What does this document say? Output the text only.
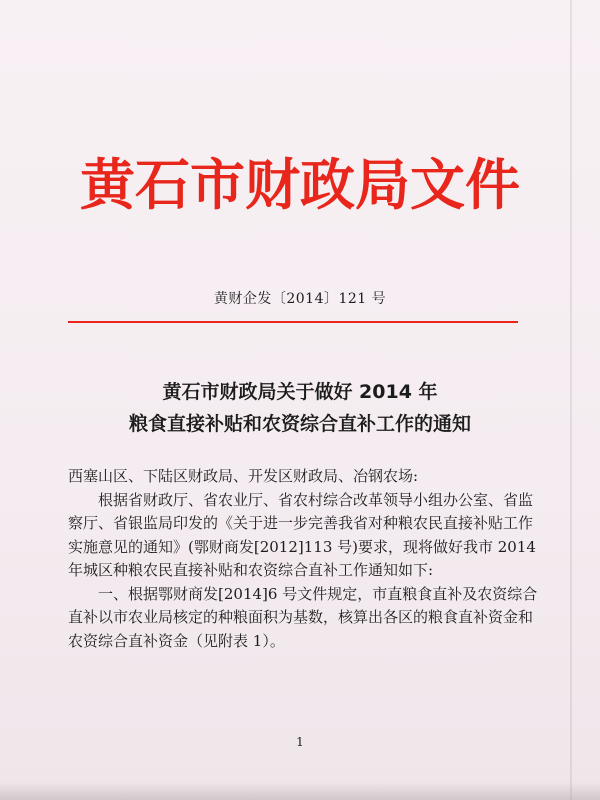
黄石市财政局文件
黄财企发〔2014〕121 号
黄石市财政局关于做好 2014 年
粮食直接补贴和农资综合直补工作的通知

西塞山区、下陆区财政局、开发区财政局、冶钢农场:

根据省财政厅、省农业厅、省农村综合改革领导小组办公室、省监察厅、省银监局印发的《关于进一步完善我省对种粮农民直接补贴工作实施意见的通知》(鄂财商发[2012]113 号)要求，现将做好我市 2014 年城区种粮农民直接补贴和农资综合直补工作通知如下:

一、根据鄂财商发[2014]6 号文件规定，市直粮食直补及农资综合直补以市农业局核定的种粮面积为基数，核算出各区的粮食直补资金和农资综合直补资金（见附表 1）。

1
